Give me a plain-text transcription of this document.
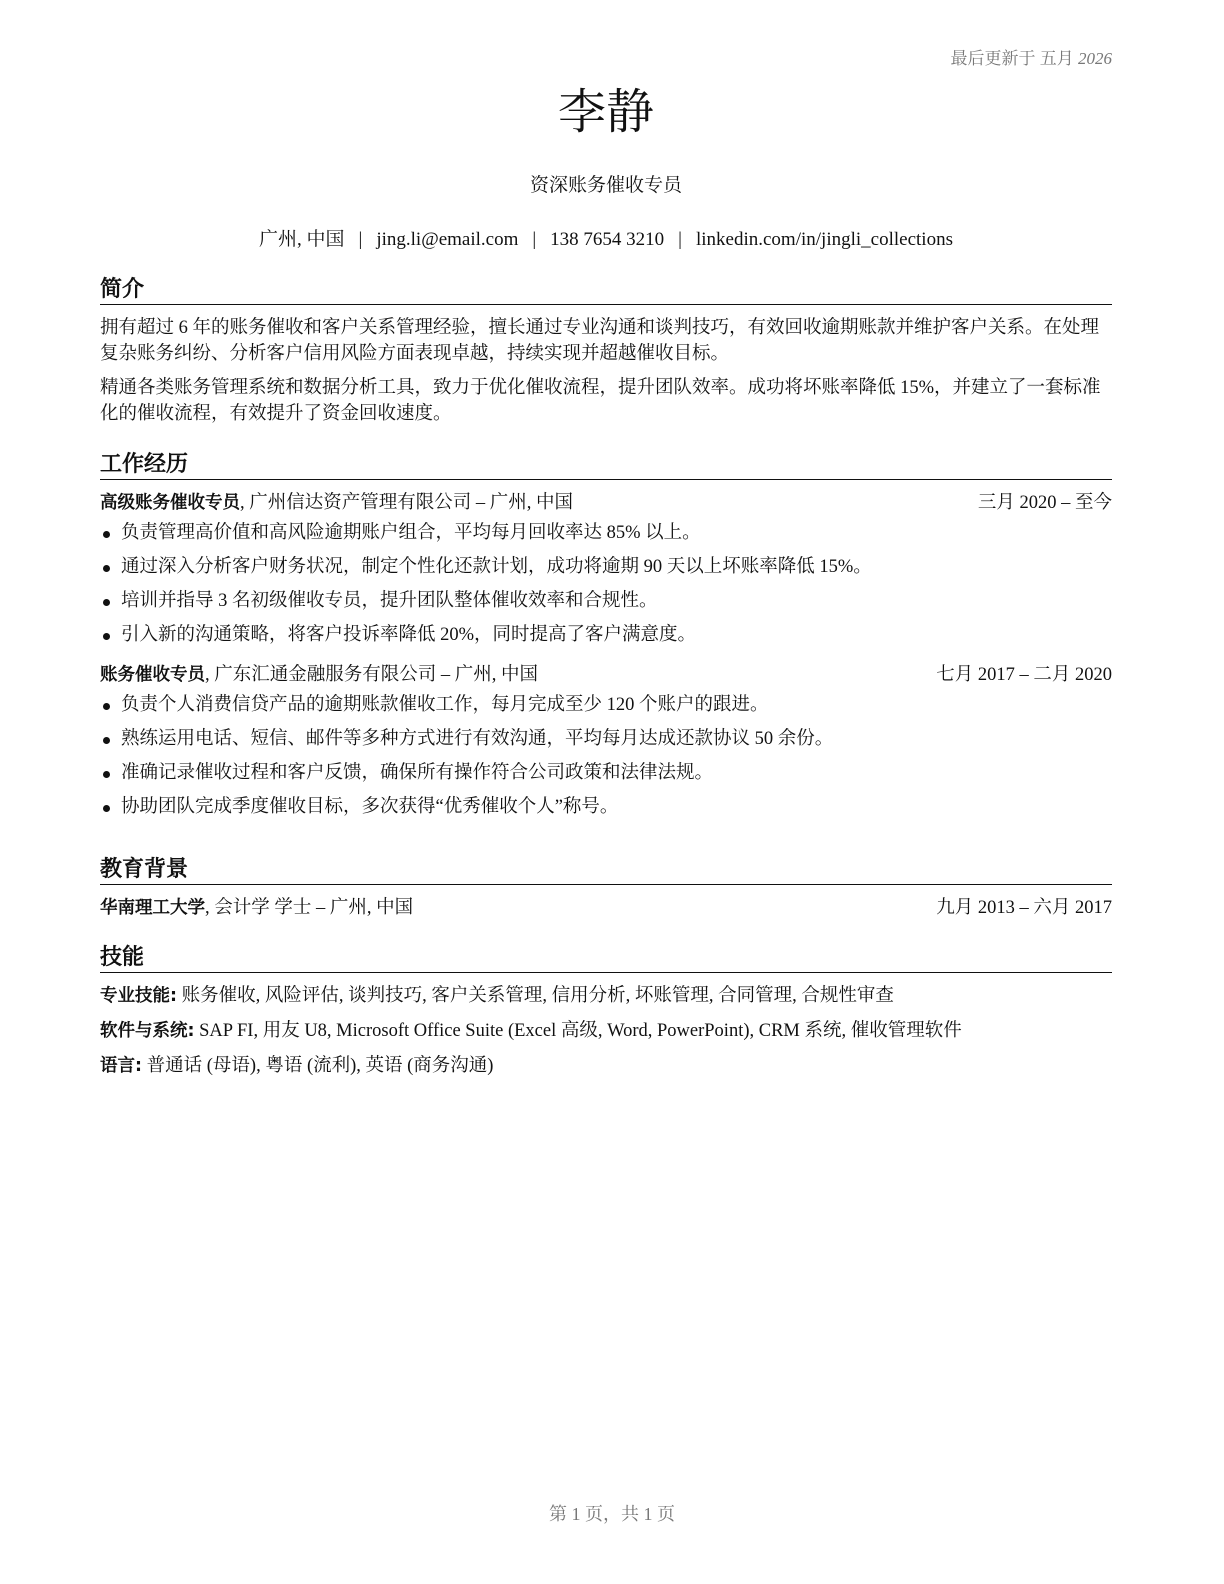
最后更新于 五月 2026
李静
资深账务催收专员
广州, 中国 | jing.li@email.com | 138 7654 3210 | linkedin.com/in/jingli_collections
简介

拥有超过 6 年的账务催收和客户关系管理经验，擅长通过专业沟通和谈判技巧，有效回收逾期账款并维护客户关系。在处理复杂账务纠纷、分析客户信用风险方面表现卓越，持续实现并超越催收目标。

精通各类账务管理系统和数据分析工具，致力于优化催收流程，提升团队效率。成功将坏账率降低 15%，并建立了一套标准化的催收流程，有效提升了资金回收速度。

工作经历
高级账务催收专员, 广州信达资产管理有限公司 – 广州, 中国	三月 2020 – 至今
负责管理高价值和高风险逾期账户组合，平均每月回收率达 85% 以上。
通过深入分析客户财务状况，制定个性化还款计划，成功将逾期 90 天以上坏账率降低 15%。
培训并指导 3 名初级催收专员，提升团队整体催收效率和合规性。
引入新的沟通策略，将客户投诉率降低 20%，同时提高了客户满意度。
账务催收专员, 广东汇通金融服务有限公司 – 广州, 中国	七月 2017 – 二月 2020
负责个人消费信贷产品的逾期账款催收工作，每月完成至少 120 个账户的跟进。
熟练运用电话、短信、邮件等多种方式进行有效沟通，平均每月达成还款协议 50 余份。
准确记录催收过程和客户反馈，确保所有操作符合公司政策和法律法规。
协助团队完成季度催收目标，多次获得“优秀催收个人”称号。
教育背景
华南理工大学, 会计学 学士 – 广州, 中国	九月 2013 – 六月 2017
技能
专业技能: 账务催收, 风险评估, 谈判技巧, 客户关系管理, 信用分析, 坏账管理, 合同管理, 合规性审查
软件与系统: SAP FI, 用友 U8, Microsoft Office Suite (Excel 高级, Word, PowerPoint), CRM 系统, 催收管理软件
语言: 普通话 (母语), 粤语 (流利), 英语 (商务沟通)
第 1 页，共 1 页
